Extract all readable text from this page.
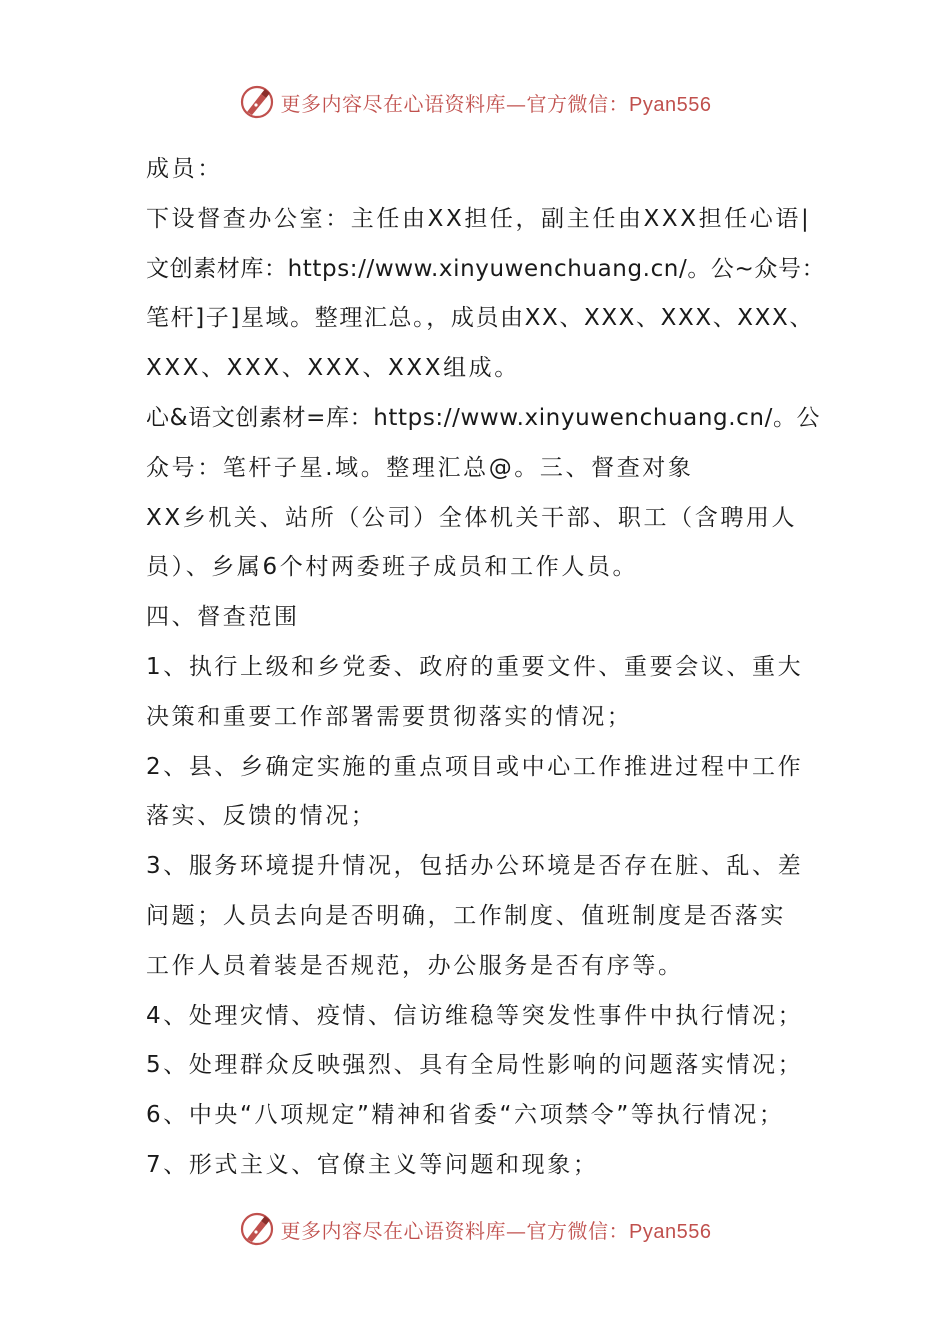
更多内容尽在心语资料库—官方微信：Pyan556
成员：
下设督查办公室：主任由XX担任，副主任由XXX担任心语|
文创素材库：https://www.xinyuwenchuang.cn/。公~众号：
笔杆]子]星域。整理汇总。，成员由XX、XXX、XXX、XXX、
XXX、XXX、XXX、XXX组成。
心&语文创素材=库：https://www.xinyuwenchuang.cn/。公
众号：笔杆子星.域。整理汇总@。三、督查对象
XX乡机关、站所（公司）全体机关干部、职工（含聘用人
员）、乡属6个村两委班子成员和工作人员。
四、督查范围
1、执行上级和乡党委、政府的重要文件、重要会议、重大
决策和重要工作部署需要贯彻落实的情况；
2、县、乡确定实施的重点项目或中心工作推进过程中工作
落实、反馈的情况；
3、服务环境提升情况，包括办公环境是否存在脏、乱、差
问题；人员去向是否明确，工作制度、值班制度是否落实
工作人员着装是否规范，办公服务是否有序等。
4、处理灾情、疫情、信访维稳等突发性事件中执行情况；
5、处理群众反映强烈、具有全局性影响的问题落实情况；
6、中央“八项规定”精神和省委“六项禁令”等执行情况；
7、形式主义、官僚主义等问题和现象；
更多内容尽在心语资料库—官方微信：Pyan556
